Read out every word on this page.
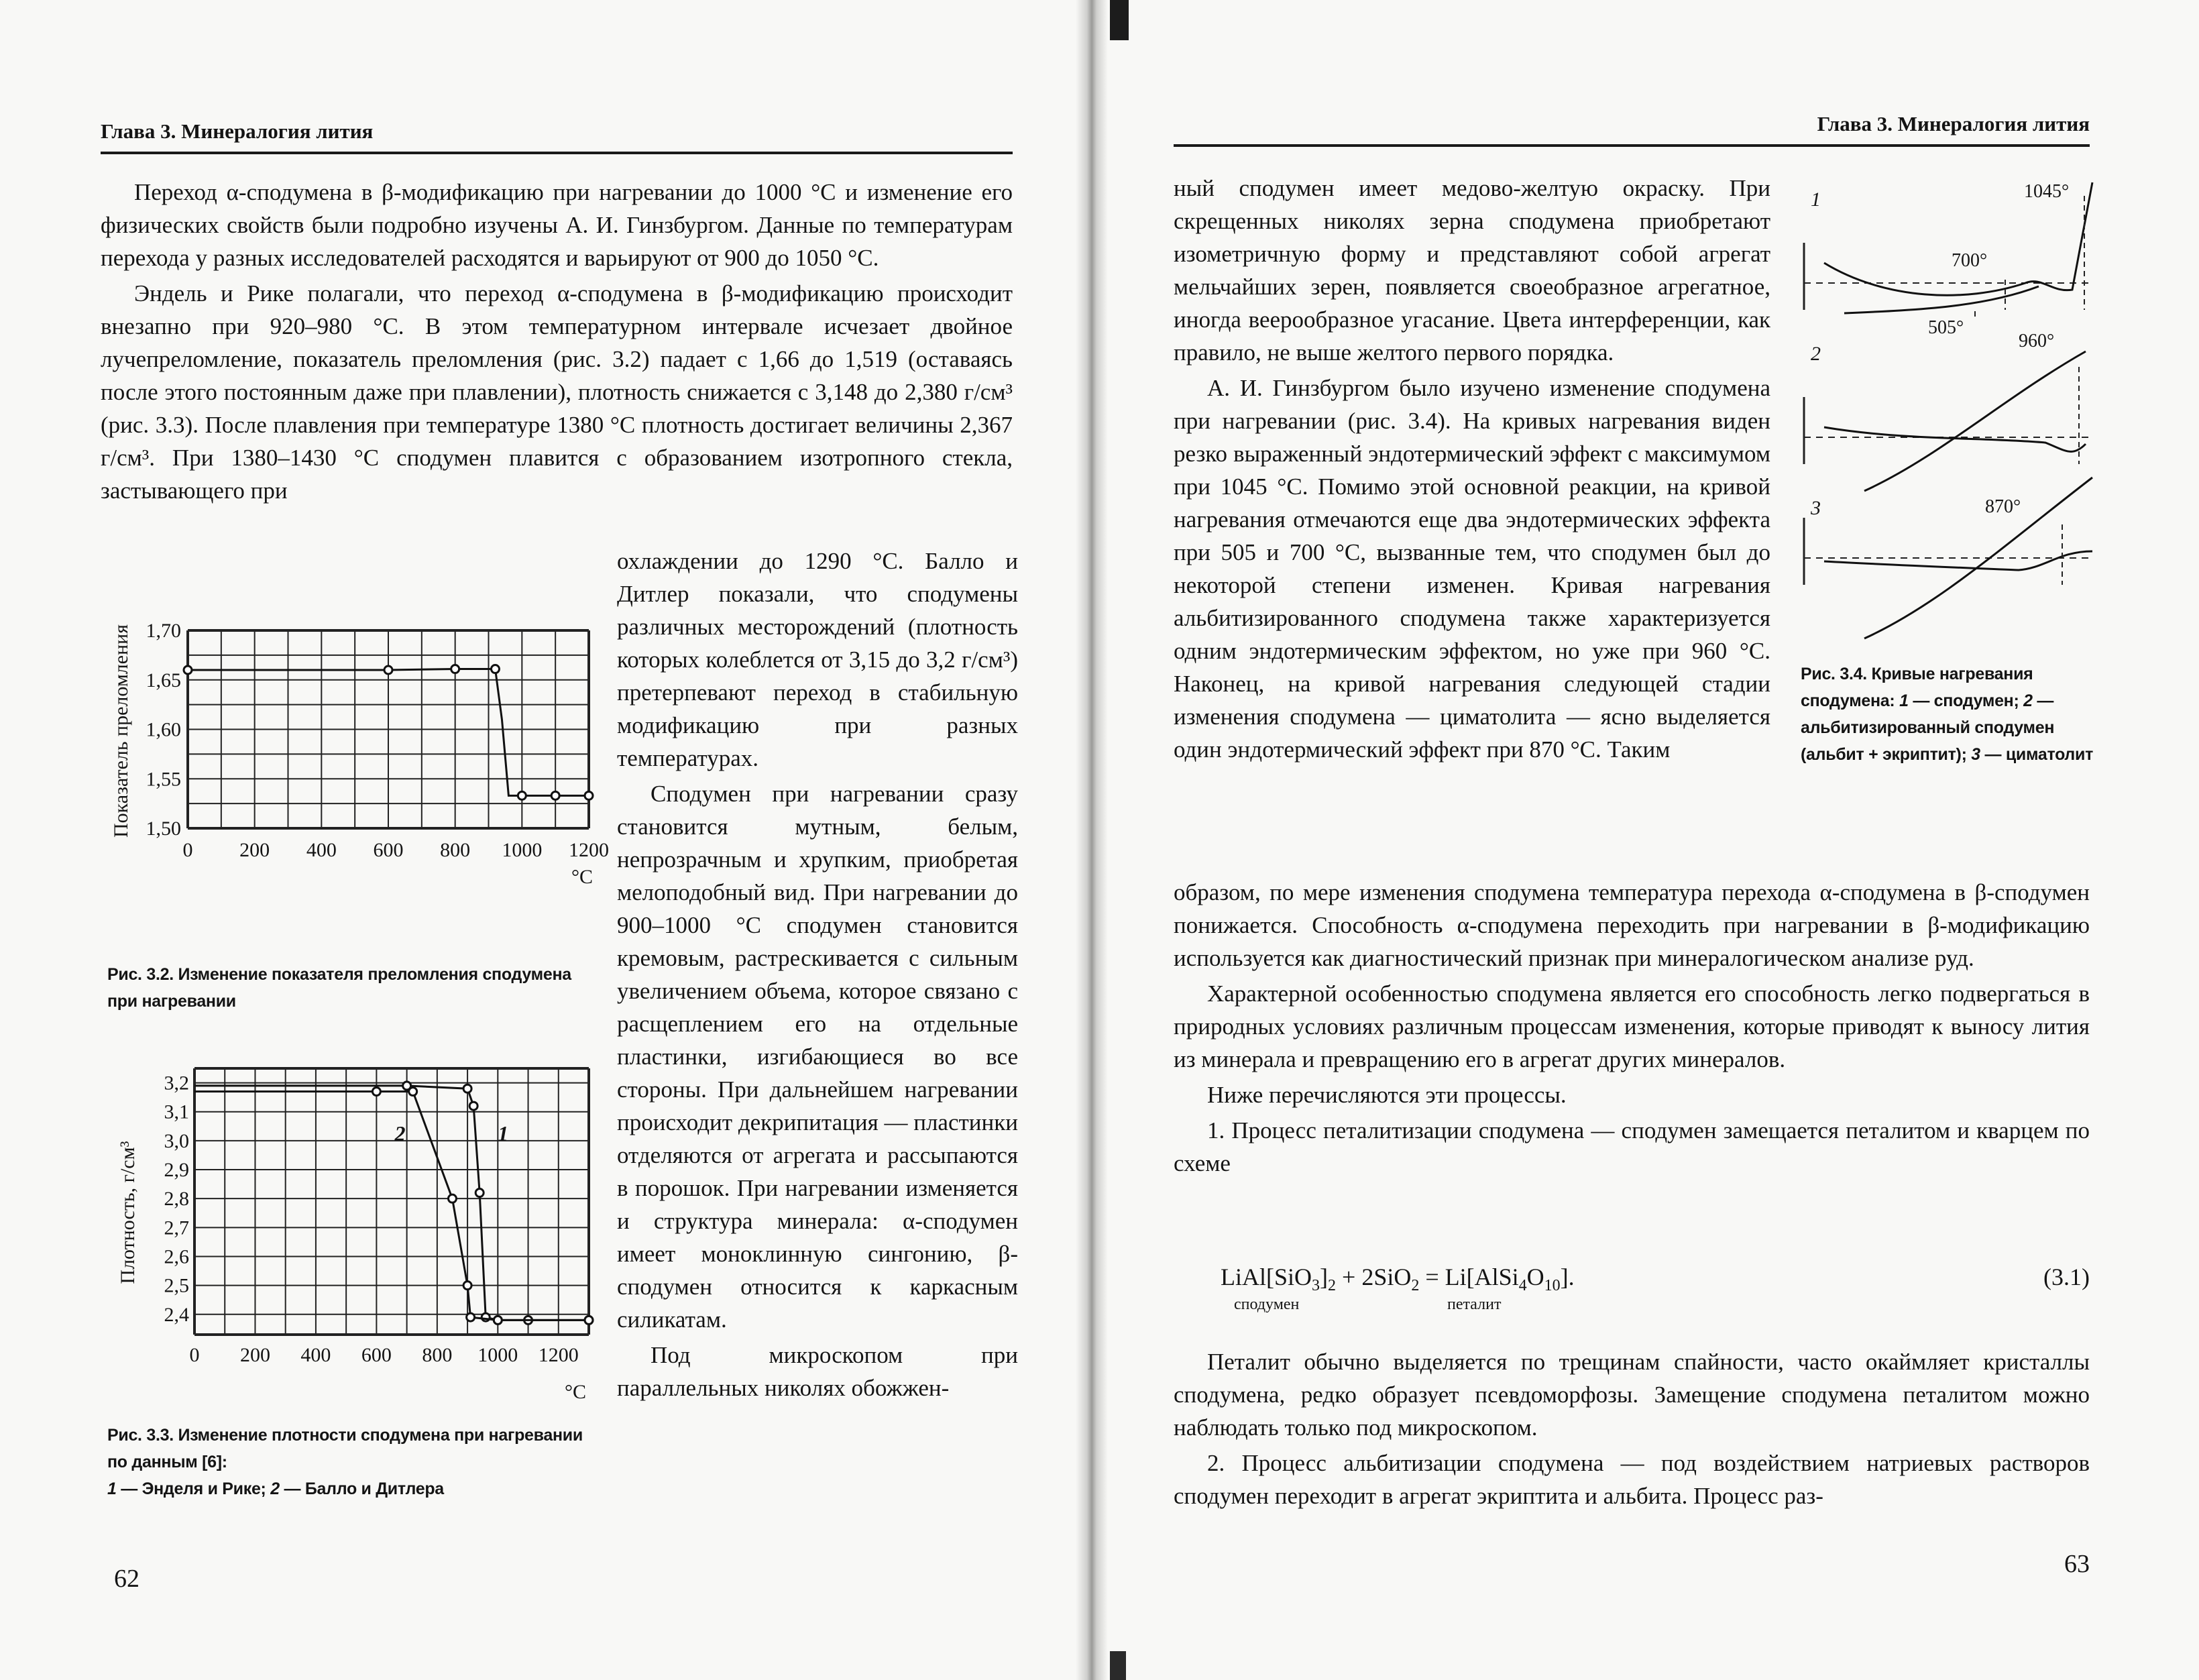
Глава 3. Минералогия лития

Переход α-сподумена в β-модификацию при нагревании до 1000 °С и изменение его физических свойств были подробно изучены А. И. Гинзбургом. Данные по температурам перехода у разных исследователей расходятся и варьируют от 900 до 1050 °С.

Эндель и Рике полагали, что переход α-сподумена в β-модификацию происходит внезапно при 920–980 °С. В этом температурном интервале исчезает двойное лучепреломление, показатель преломления (рис. 3.2) падает с 1,66 до 1,519 (оставаясь после этого постоянным даже при плавлении), плотность снижается с 3,148 до 2,380 г/см³ (рис. 3.3). После плавления при температуре 1380 °С плотность достигает величины 2,367 г/см³. При 1380–1430 °С сподумен плавится с образованием изотропного стекла, застывающего при

охлаждении до 1290 °С. Балло и Дитлер показали, что сподумены различных месторождений (плотность которых колеблется от 3,15 до 3,2 г/см³) претерпевают переход в стабильную модификацию при разных температурах.

Сподумен при нагревании сразу становится мутным, белым, непрозрачным и хрупким, приобретая мелоподобный вид. При нагревании до 900–1000 °С сподумен становится кремовым, растрескивается с сильным увеличением объема, которое связано с расщеплением его на отдельные пластинки, изгибающиеся во все стороны. При дальнейшем нагревании происходит декрипитация — пластинки отделяются от агрегата и рассыпаются в порошок. При нагревании изменяется и структура минерала: α-сподумен имеет моноклинную сингонию, β-сподумен относится к каркасным силикатам.

Под микроскопом при параллельных николях обожжен-

Показатель преломления 1,50
1,55
1,60
1,65
1,70
0 200 400 600 800 1000 1200
°С
Рис. 3.2. Изменение показателя преломления сподумена при нагревании
Плотность, г/см³
2	1
2,4
2,5
2,6
2,7
2,8
2,9
3,0
3,1
3,2
0 200 400 600 800 1000 1200
°С
Рис. 3.3. Изменение плотности сподумена при нагревании по данным [6]:
1 — Энделя и Рике; 2 — Балло и Дитлера
62
Глава 3. Минералогия лития

ный сподумен имеет медово-желтую окраску. При скрещенных николях зерна сподумена приобретают изометричную форму и представляют собой агрегат мельчайших зерен, появляется своеобразное агрегатное, иногда веерообразное угасание. Цвета интерференции, как правило, не выше желтого первого порядка.

А. И. Гинзбургом было изучено изменение сподумена при нагревании (рис. 3.4). На кривых нагревания виден резко выраженный эндотермический эффект с максимумом при 1045 °С. Помимо этой основной реакции, на кривой нагревания отмечаются еще два эндотермических эффекта при 505 и 700 °С, вызванные тем, что сподумен был до некоторой степени изменен. Кривая нагревания альбитизированного сподумена также характеризуется одним эндотермическим эффектом, но уже при 960 °С. Наконец, на кривой нагревания следующей стадии изменения сподумена — циматолита — ясно выделяется один эндотермический эффект при 870 °С. Таким

1	1045°
700°
505°
2
960°
3	870°
Рис. 3.4. Кривые нагревания сподумена: 1 — сподумен; 2 — альбитизированный сподумен (альбит + экриптит); 3 — циматолит

образом, по мере изменения сподумена температура перехода α-сподумена в β-сподумен понижается. Способность α-сподумена переходить при нагревании в β-модификацию используется как диагностический признак при минералогическом анализе руд.

Характерной особенностью сподумена является его способность легко подвергаться в природных условиях различным процессам изменения, которые приводят к выносу лития из минерала и превращению его в агрегат других минералов.

Ниже перечисляются эти процессы.

1. Процесс петалитизации сподумена — сподумен замещается петалитом и кварцем по схеме

$LiAl[SiO_3]_2 + 2SiO_2$ = $Li[AlSi_4O_{10}]$.
сподумен	петалит
(3.1)

Петалит обычно выделяется по трещинам спайности, часто окаймляет кристаллы сподумена, редко образует псевдоморфозы. Замещение сподумена петалитом можно наблюдать только под микроскопом.

2. Процесс альбитизации сподумена — под воздействием натриевых растворов сподумен переходит в агрегат экриптита и альбита. Процесс раз-

63
